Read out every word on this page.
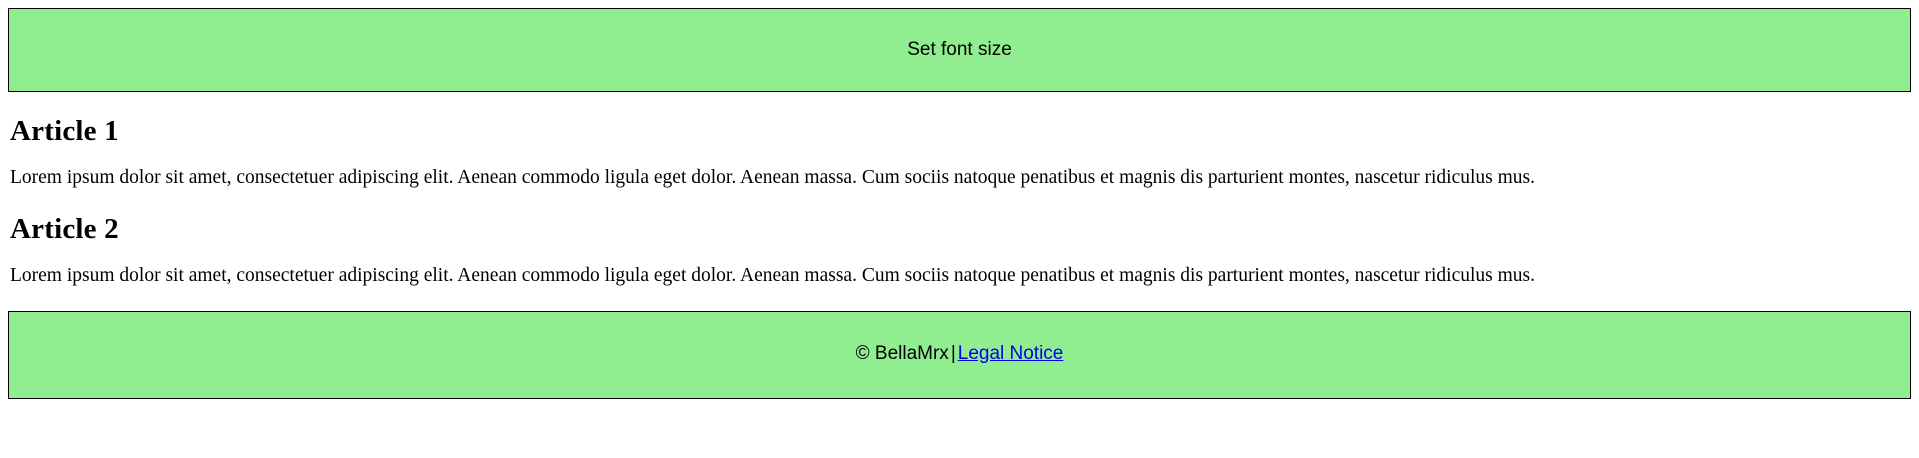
Set font size
Article 1

Lorem ipsum dolor sit amet, consectetuer adipiscing elit. Aenean commodo ligula eget dolor. Aenean massa. Cum sociis natoque penatibus et magnis dis parturient montes, nascetur ridiculus mus.

Article 2

Lorem ipsum dolor sit amet, consectetuer adipiscing elit. Aenean commodo ligula eget dolor. Aenean massa. Cum sociis natoque penatibus et magnis dis parturient montes, nascetur ridiculus mus.

© BellaMrx | Legal Notice
